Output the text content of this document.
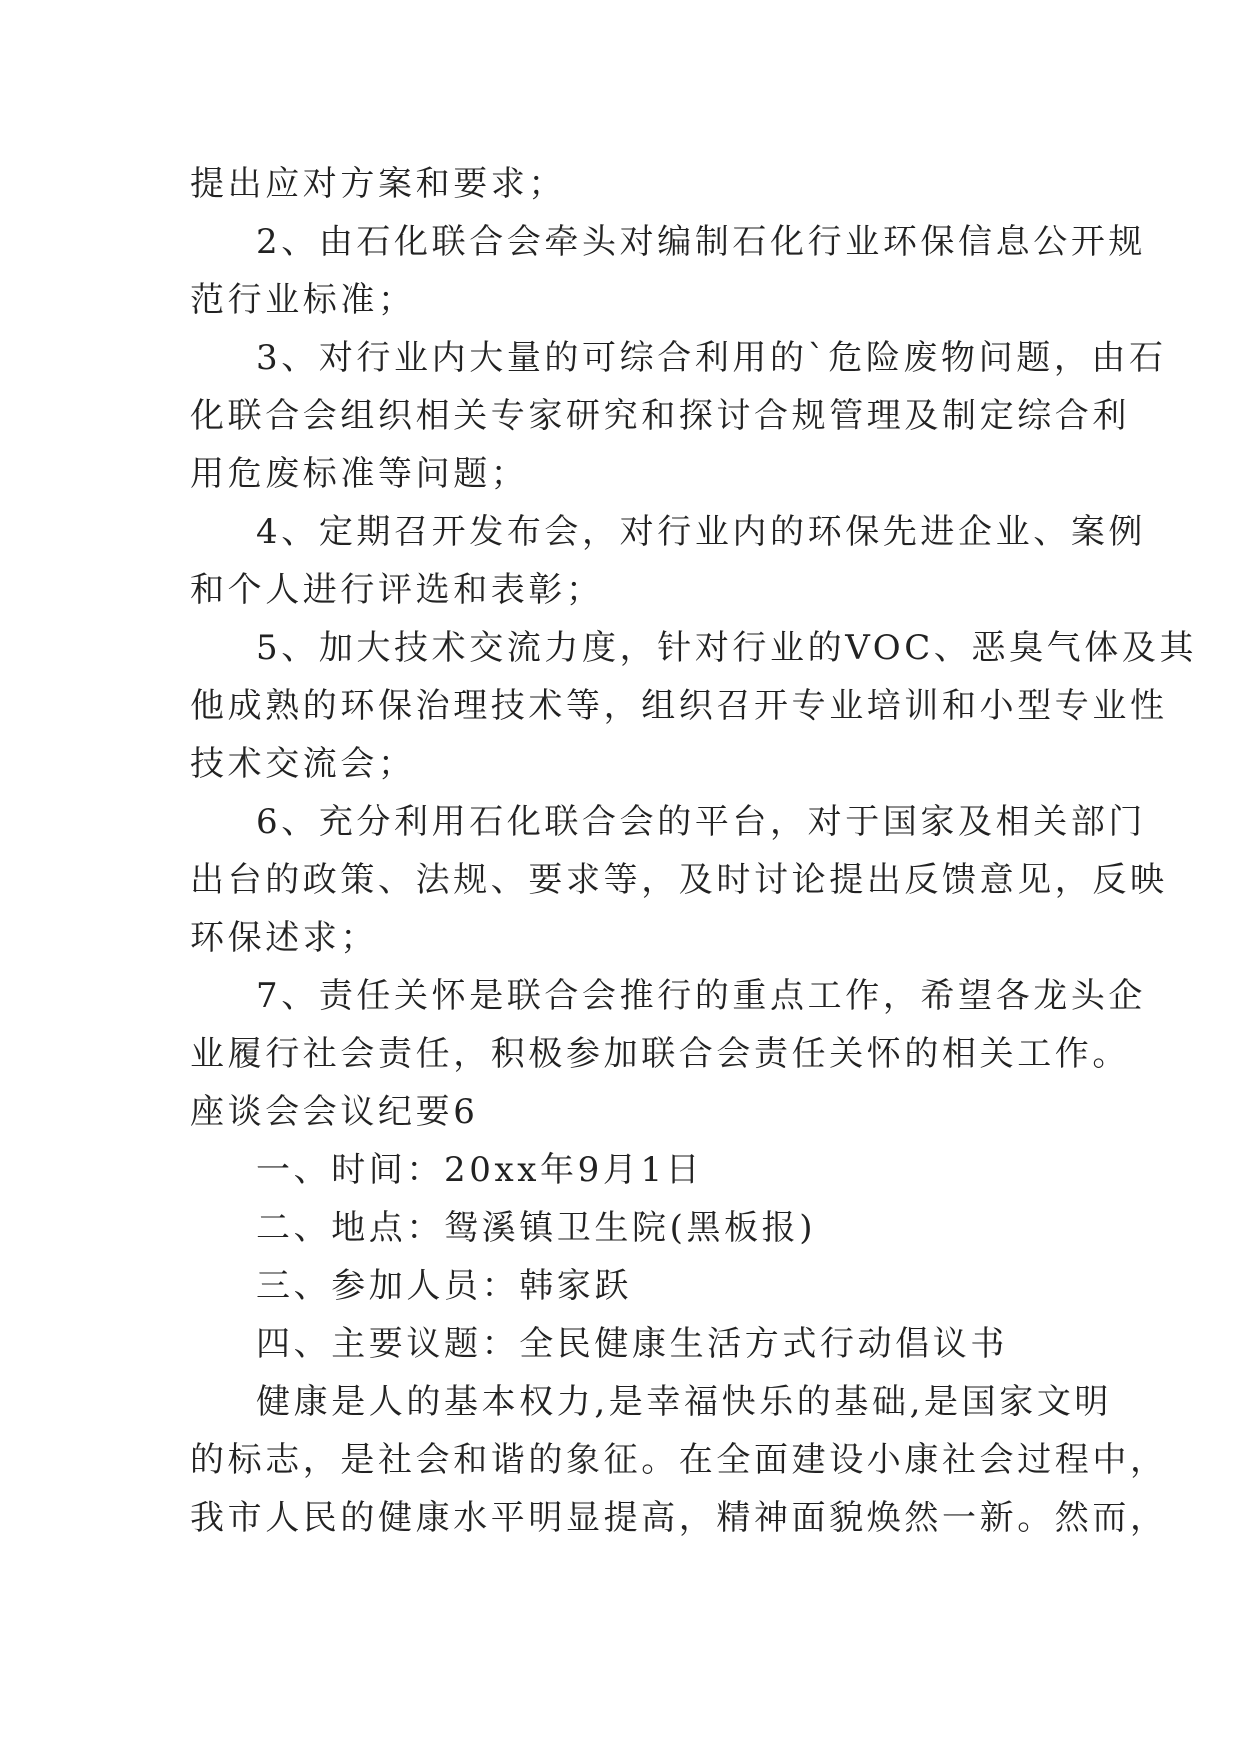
提出应对方案和要求；
2、由石化联合会牵头对编制石化行业环保信息公开规
范行业标准；
3、对行业内大量的可综合利用的`危险废物问题，由石
化联合会组织相关专家研究和探讨合规管理及制定综合利
用危废标准等问题；
4、定期召开发布会，对行业内的环保先进企业、案例
和个人进行评选和表彰；
5、加大技术交流力度，针对行业的VOC、恶臭气体及其
他成熟的环保治理技术等，组织召开专业培训和小型专业性
技术交流会；
6、充分利用石化联合会的平台，对于国家及相关部门
出台的政策、法规、要求等，及时讨论提出反馈意见，反映
环保述求；
7、责任关怀是联合会推行的重点工作，希望各龙头企
业履行社会责任，积极参加联合会责任关怀的相关工作。
座谈会会议纪要6
一、时间：20xx年9月1日
二、地点：鸳溪镇卫生院(黑板报)
三、参加人员：韩家跃
四、主要议题：全民健康生活方式行动倡议书
健康是人的基本权力,是幸福快乐的基础,是国家文明
的标志，是社会和谐的象征。在全面建设小康社会过程中，
我市人民的健康水平明显提高，精神面貌焕然一新。然而，
